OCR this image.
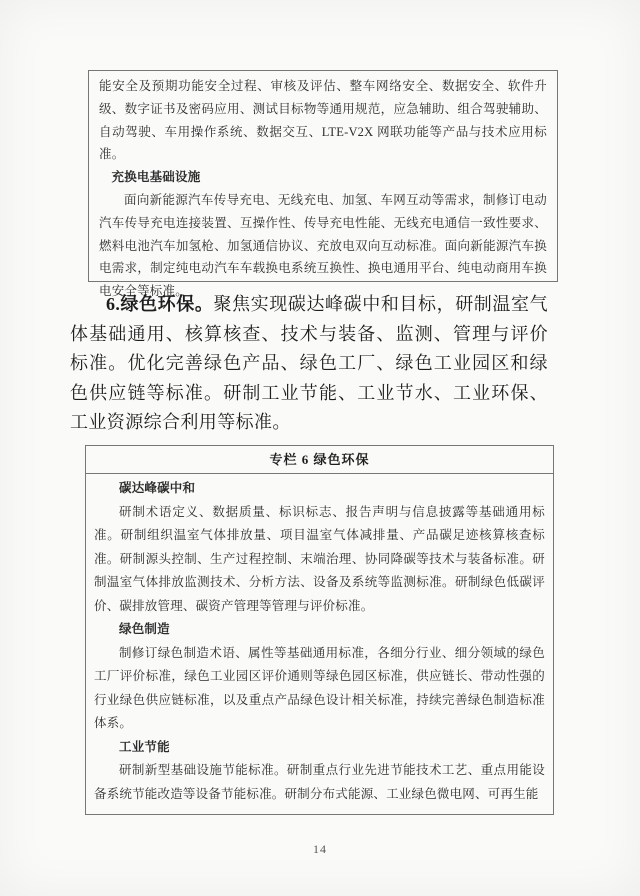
能安全及预期功能安全过程、审核及评估、整车网络安全、数据安全、软件升级、数字证书及密码应用、测试目标物等通用规范，应急辅助、组合驾驶辅助、自动驾驶、车用操作系统、数据交互、LTE-V2X 网联功能等产品与技术应用标准。

充换电基础设施

面向新能源汽车传导充电、无线充电、加氢、车网互动等需求，制修订电动汽车传导充电连接装置、互操作性、传导充电性能、无线充电通信一致性要求、燃料电池汽车加氢枪、加氢通信协议、充放电双向互动标准。面向新能源汽车换电需求，制定纯电动汽车车载换电系统互换性、换电通用平台、纯电动商用车换电安全等标准。

6.绿色环保。聚焦实现碳达峰碳中和目标，研制温室气体基础通用、核算核查、技术与装备、监测、管理与评价标准。优化完善绿色产品、绿色工厂、绿色工业园区和绿色供应链等标准。研制工业节能、工业节水、工业环保、工业资源综合利用等标准。

专栏 6 绿色环保

碳达峰碳中和

研制术语定义、数据质量、标识标志、报告声明与信息披露等基础通用标准。研制组织温室气体排放量、项目温室气体减排量、产品碳足迹核算核查标准。研制源头控制、生产过程控制、末端治理、协同降碳等技术与装备标准。研制温室气体排放监测技术、分析方法、设备及系统等监测标准。研制绿色低碳评价、碳排放管理、碳资产管理等管理与评价标准。

绿色制造

制修订绿色制造术语、属性等基础通用标准，各细分行业、细分领域的绿色工厂评价标准，绿色工业园区评价通则等绿色园区标准，供应链长、带动性强的行业绿色供应链标准，以及重点产品绿色设计相关标准，持续完善绿色制造标准体系。

工业节能

研制新型基础设施节能标准。研制重点行业先进节能技术工艺、重点用能设备系统节能改造等设备节能标准。研制分布式能源、工业绿色微电网、可再生能

14
